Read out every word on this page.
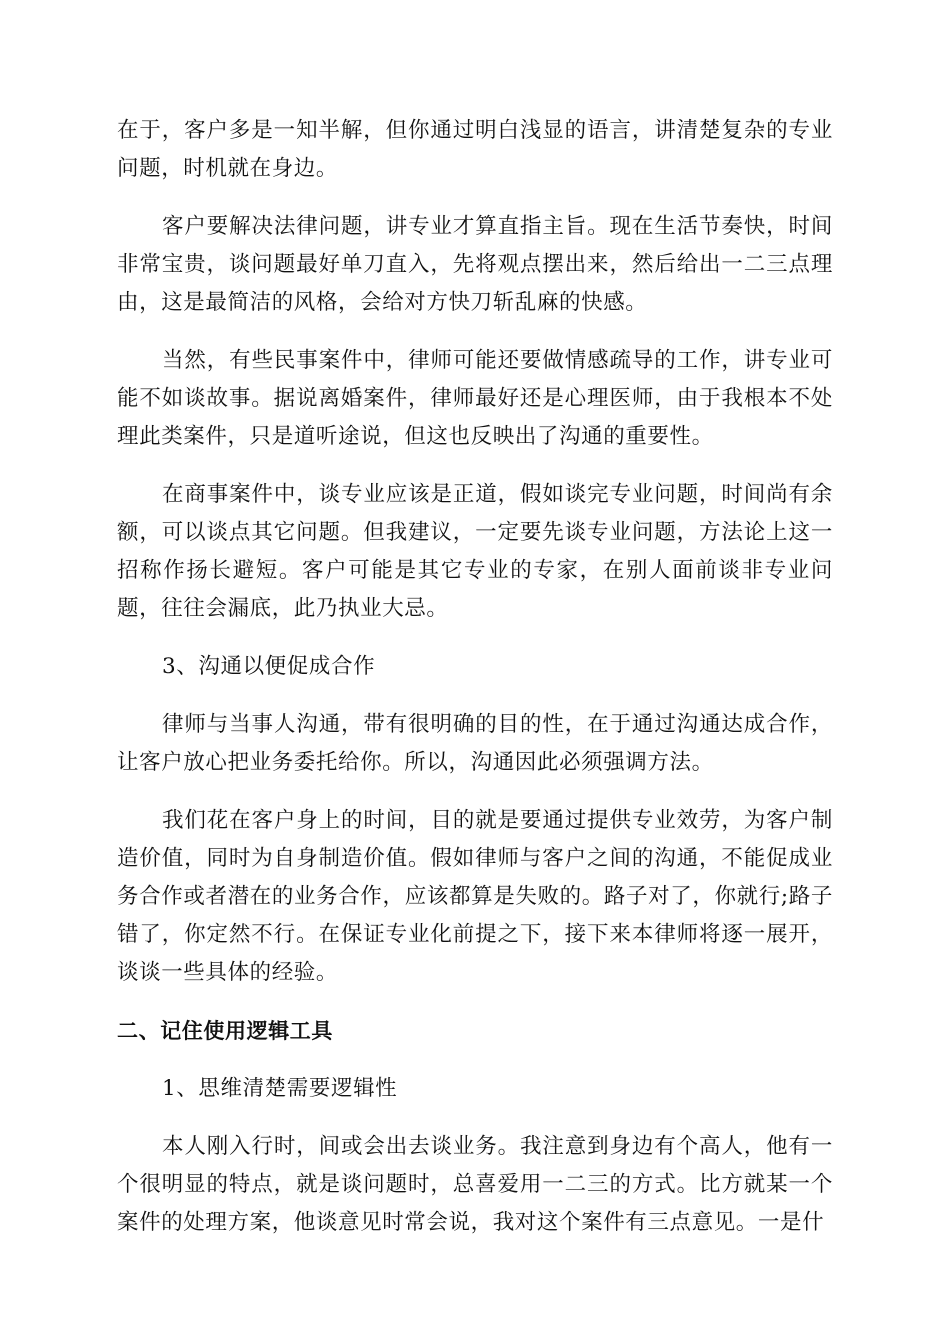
在于，客户多是一知半解，但你通过明白浅显的语言，讲清楚复杂的专业问题，时机就在身边。

客户要解决法律问题，讲专业才算直指主旨。现在生活节奏快，时间非常宝贵，谈问题最好单刀直入，先将观点摆出来，然后给出一二三点理由，这是最简洁的风格，会给对方快刀斩乱麻的快感。

当然，有些民事案件中，律师可能还要做情感疏导的工作，讲专业可能不如谈故事。据说离婚案件，律师最好还是心理医师，由于我根本不处理此类案件，只是道听途说，但这也反映出了沟通的重要性。

在商事案件中，谈专业应该是正道，假如谈完专业问题，时间尚有余额，可以谈点其它问题。但我建议，一定要先谈专业问题，方法论上这一招称作扬长避短。客户可能是其它专业的专家，在别人面前谈非专业问题，往往会漏底，此乃执业大忌。

3、沟通以便促成合作

律师与当事人沟通，带有很明确的目的性，在于通过沟通达成合作，让客户放心把业务委托给你。所以，沟通因此必须强调方法。

我们花在客户身上的时间，目的就是要通过提供专业效劳，为客户制造价值，同时为自身制造价值。假如律师与客户之间的沟通，不能促成业务合作或者潜在的业务合作，应该都算是失败的。路子对了，你就行;路子错了，你定然不行。在保证专业化前提之下，接下来本律师将逐一展开，谈谈一些具体的经验。

二、记住使用逻辑工具

1、思维清楚需要逻辑性

本人刚入行时，间或会出去谈业务。我注意到身边有个高人，他有一个很明显的特点，就是谈问题时，总喜爱用一二三的方式。比方就某一个案件的处理方案，他谈意见时常会说，我对这个案件有三点意见。一是什
